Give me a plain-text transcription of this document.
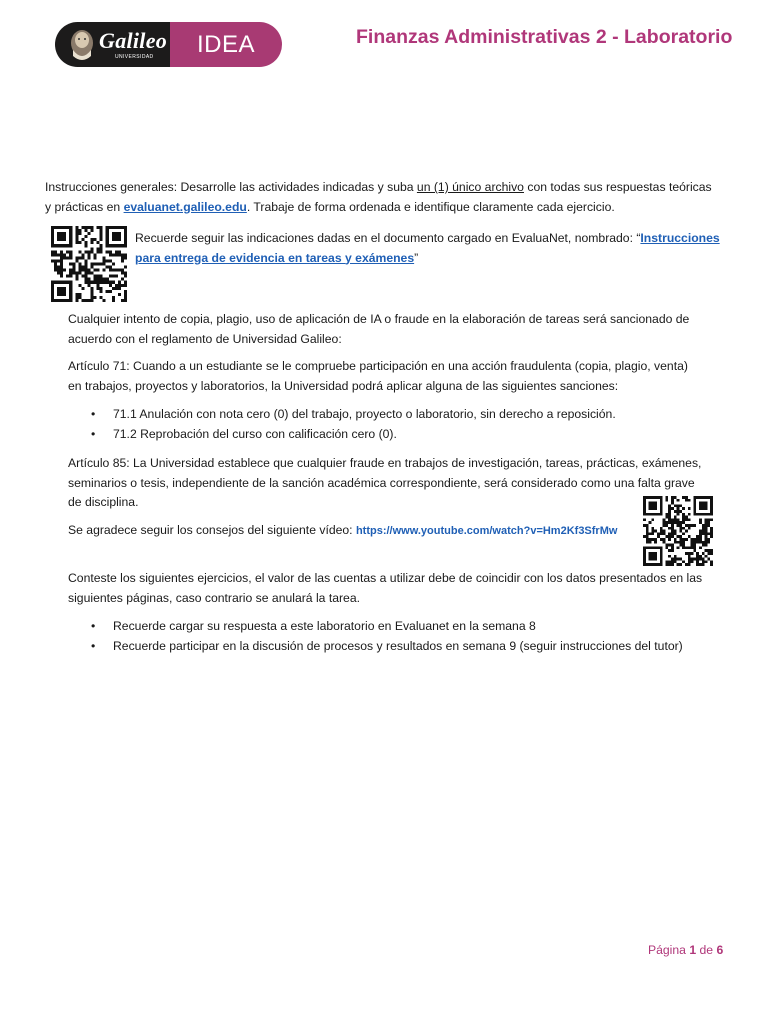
Galileo
UNIVERSIDAD IDEA	Finanzas Administrativas 2 - Laboratorio
Instrucciones generales: Desarrolle las actividades indicadas y suba un (1) único archivo con todas sus respuestas teóricas
y prácticas en evaluanet.galileo.edu. Trabaje de forma ordenada e identifique claramente cada ejercicio.
Recuerde seguir las indicaciones dadas en el documento cargado en EvaluaNet, nombrado: “Instrucciones
para entrega de evidencia en tareas y exámenes”
Cualquier intento de copia, plagio, uso de aplicación de IA o fraude en la elaboración de tareas será sancionado de
acuerdo con el reglamento de Universidad Galileo:
Artículo 71: Cuando a un estudiante se le compruebe participación en una acción fraudulenta (copia, plagio, venta)
en trabajos, proyectos y laboratorios, la Universidad podrá aplicar alguna de las siguientes sanciones:
• 71.1 Anulación con nota cero (0) del trabajo, proyecto o laboratorio, sin derecho a reposición.
• 71.2 Reprobación del curso con calificación cero (0).
Artículo 85: La Universidad establece que cualquier fraude en trabajos de investigación, tareas, prácticas, exámenes,
seminarios o tesis, independiente de la sanción académica correspondiente, será considerado como una falta grave
de disciplina.
Se agradece seguir los consejos del siguiente vídeo: https://www.youtube.com/watch?v=Hm2Kf3SfrMw
Conteste los siguientes ejercicios, el valor de las cuentas a utilizar debe de coincidir con los datos presentados en las
siguientes páginas, caso contrario se anulará la tarea.
• Recuerde cargar su respuesta a este laboratorio en Evaluanet en la semana 8
• Recuerde participar en la discusión de procesos y resultados en semana 9 (seguir instrucciones del tutor)
Página 1 de 6
